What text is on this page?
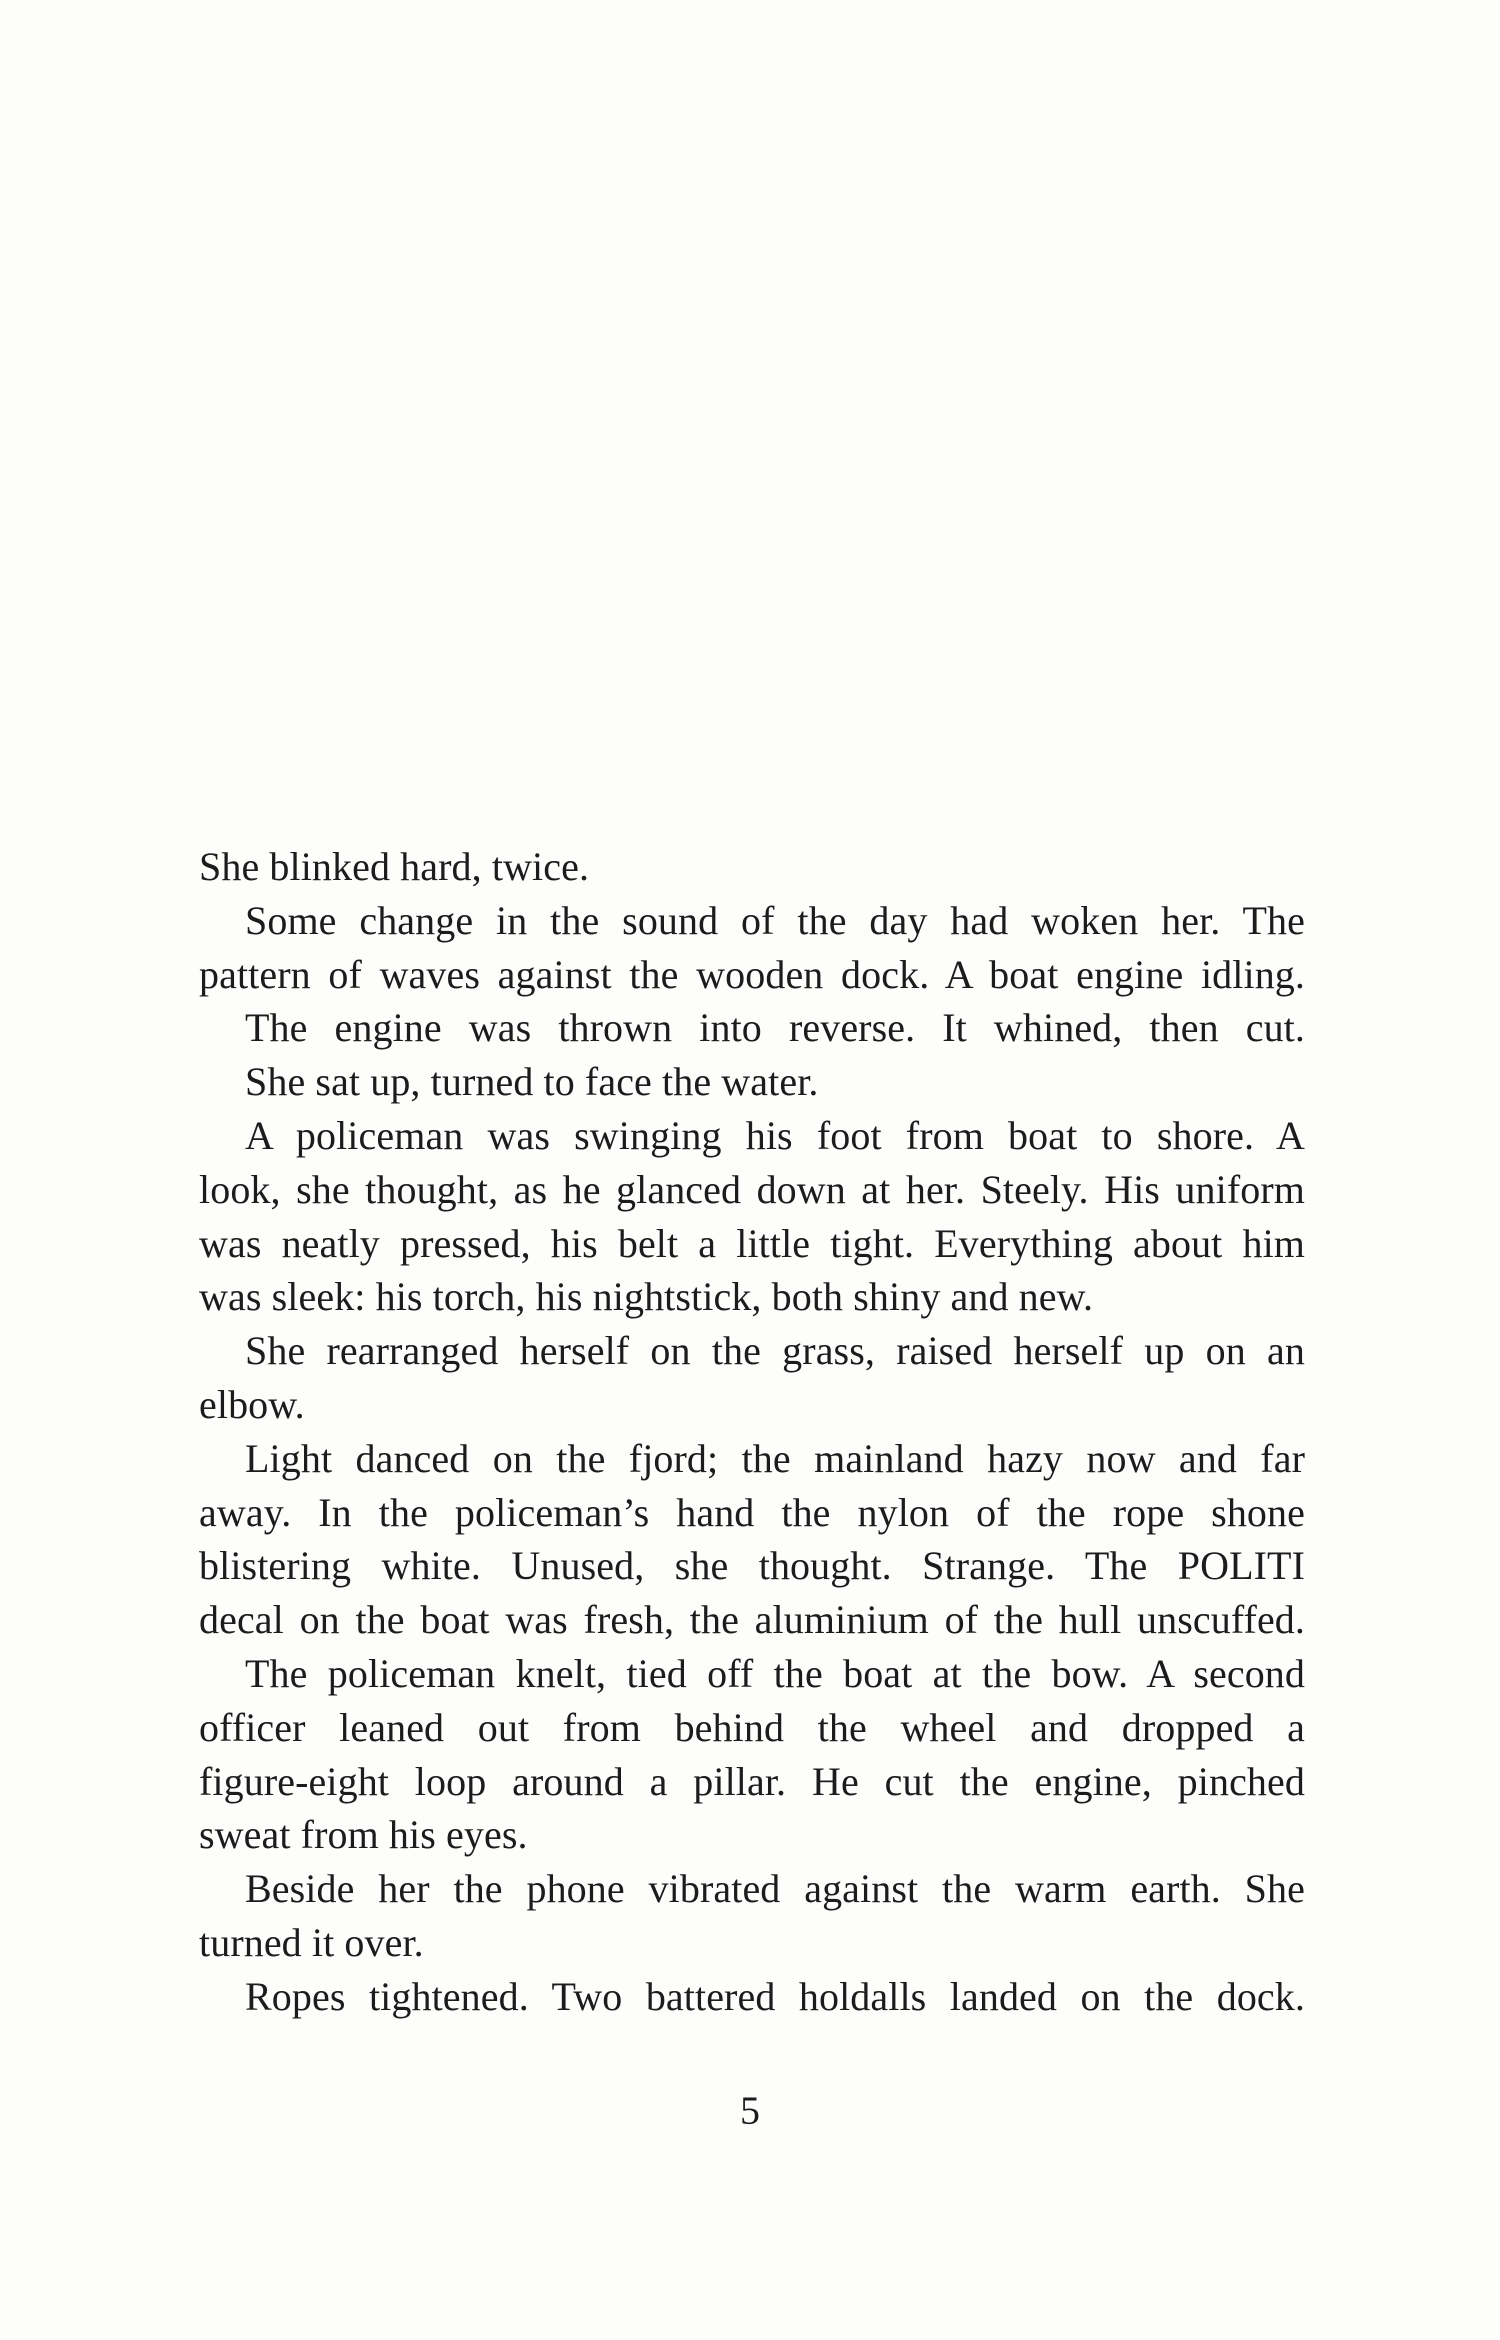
She blinked hard, twice.
Some change in the sound of the day had woken her. The
pattern of waves against the wooden dock. A boat engine idling.
The engine was thrown into reverse. It whined, then cut.
She sat up, turned to face the water.
A policeman was swinging his foot from boat to shore. A
look, she thought, as he glanced down at her. Steely. His uniform
was neatly pressed, his belt a little tight. Everything about him
was sleek: his torch, his nightstick, both shiny and new.
She rearranged herself on the grass, raised herself up on an
elbow.
Light danced on the fjord; the mainland hazy now and far
away. In the policeman’s hand the nylon of the rope shone
blistering white. Unused, she thought. Strange. The POLITI
decal on the boat was fresh, the aluminium of the hull unscuffed.
The policeman knelt, tied off the boat at the bow. A second
officer leaned out from behind the wheel and dropped a
figure-eight loop around a pillar. He cut the engine, pinched
sweat from his eyes.
Beside her the phone vibrated against the warm earth. She
turned it over.
Ropes tightened. Two battered holdalls landed on the dock.
5
